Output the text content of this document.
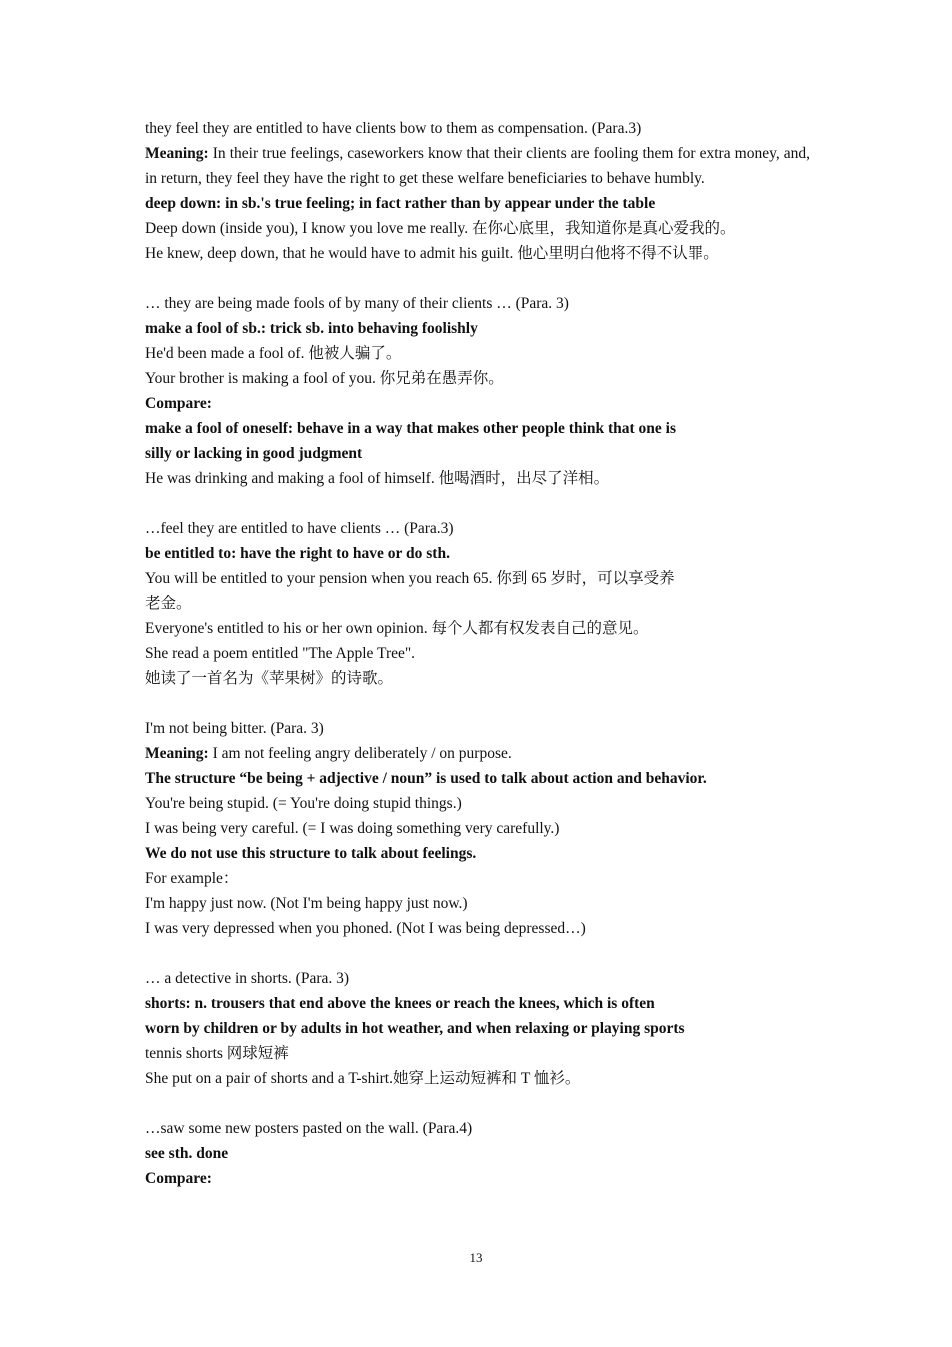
they feel they are entitled to have clients bow to them as compensation. (Para.3)

Meaning: In their true feelings, caseworkers know that their clients are fooling them for extra money, and, in return, they feel they have the right to get these welfare beneficiaries to behave humbly.

deep down: in sb.'s true feeling; in fact rather than by appear under the table

Deep down (inside you), I know you love me really. 在你心底里，我知道你是真心爱我的。

He knew, deep down, that he would have to admit his guilt. 他心里明白他将不得不认罪。

… they are being made fools of by many of their clients … (Para. 3)

make a fool of sb.: trick sb. into behaving foolishly

He'd been made a fool of. 他被人骗了。

Your brother is making a fool of you. 你兄弟在愚弄你。

Compare:

make a fool of oneself: behave in a way that makes other people think that one is

silly or lacking in good judgment

He was drinking and making a fool of himself. 他喝酒时，出尽了洋相。

…feel they are entitled to have clients … (Para.3)

be entitled to: have the right to have or do sth.

You will be entitled to your pension when you reach 65. 你到 65 岁时，可以享受养

老金。

Everyone's entitled to his or her own opinion. 每个人都有权发表自己的意见。

She read a poem entitled "The Apple Tree".

她读了一首名为《苹果树》的诗歌。

I'm not being bitter. (Para. 3)

Meaning: I am not feeling angry deliberately / on purpose.

The structure “be being + adjective / noun” is used to talk about action and behavior.

You're being stupid. (= You're doing stupid things.)

I was being very careful. (= I was doing something very carefully.)

We do not use this structure to talk about feelings.

For example：

I'm happy just now. (Not I'm being happy just now.)

I was very depressed when you phoned. (Not I was being depressed…)

… a detective in shorts. (Para. 3)

shorts: n. trousers that end above the knees or reach the knees, which is often

worn by children or by adults in hot weather, and when relaxing or playing sports

tennis shorts 网球短裤

She put on a pair of shorts and a T-shirt.她穿上运动短裤和 T 恤衫。

…saw some new posters pasted on the wall. (Para.4)

see sth. done

Compare:

13
